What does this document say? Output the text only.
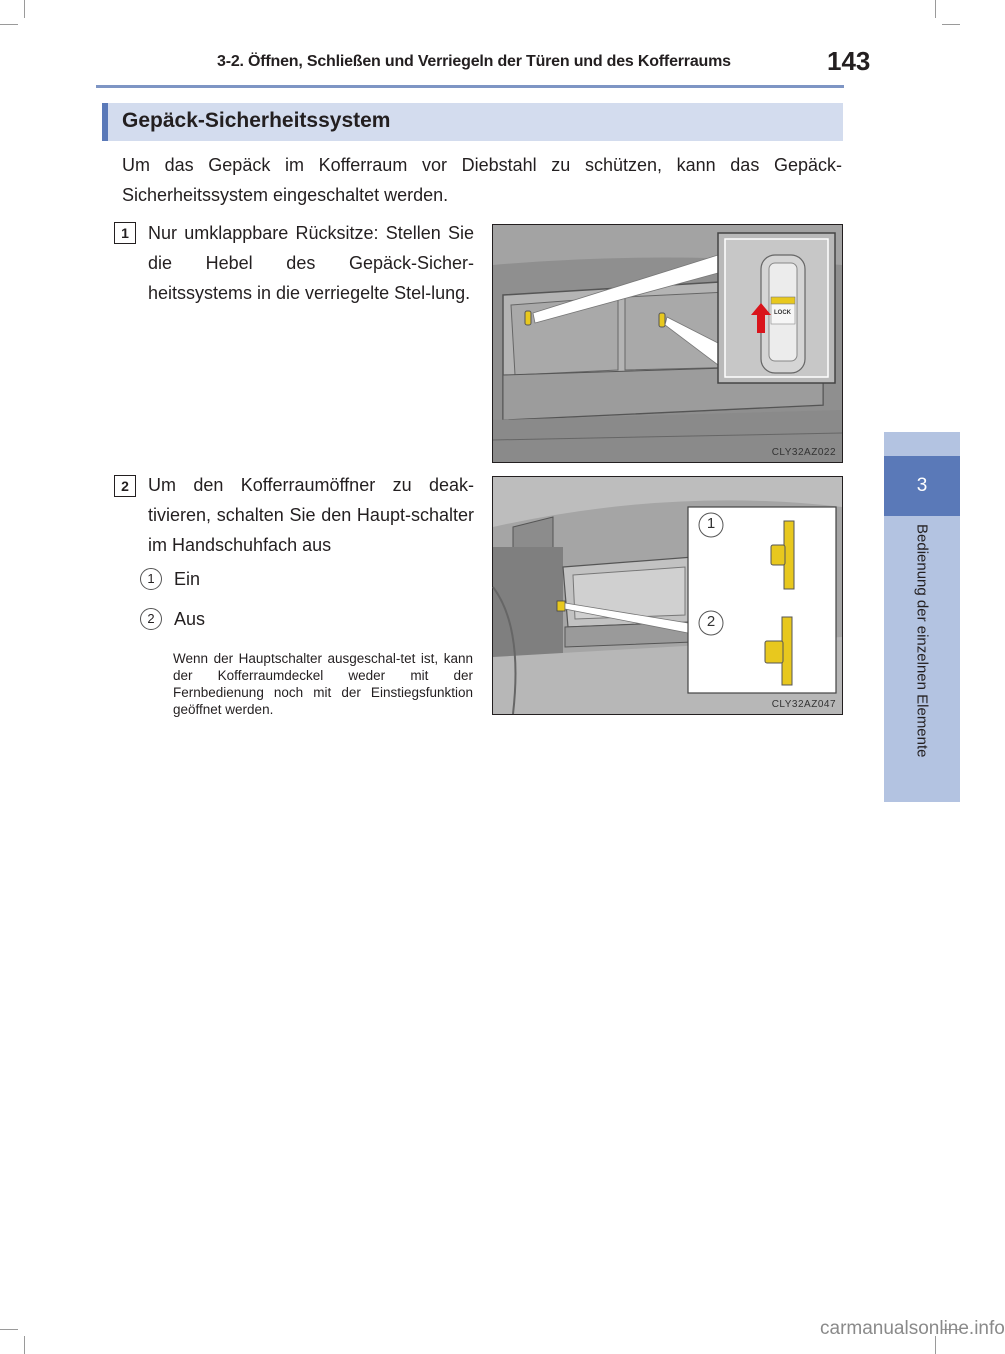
3-2. Öffnen, Schließen und Verriegeln der Türen und des Kofferraums	143
3
Bedienung der einzelnen Elemente
Gepäck-Sicherheitssystem
Um das Gepäck im Kofferraum vor Diebstahl zu schützen, kann das Gepäck-Sicherheitssystem eingeschaltet werden.
1	Nur umklappbare Rücksitze: Stellen Sie die Hebel des Gepäck-Sicher-heitssystems in die verriegelte Stel-lung.
LOCK
CLY32AZ022
2	Um den Kofferraumöffner zu deak-tivieren, schalten Sie den Haupt-schalter im Handschuhfach aus
1 Ein
2 Aus
Wenn der Hauptschalter ausgeschal-tet ist, kann der Kofferraumdeckel weder mit der Fernbedienung noch mit der Einstiegsfunktion geöffnet werden.
1
2
CLY32AZ047
carmanualsonline.info
